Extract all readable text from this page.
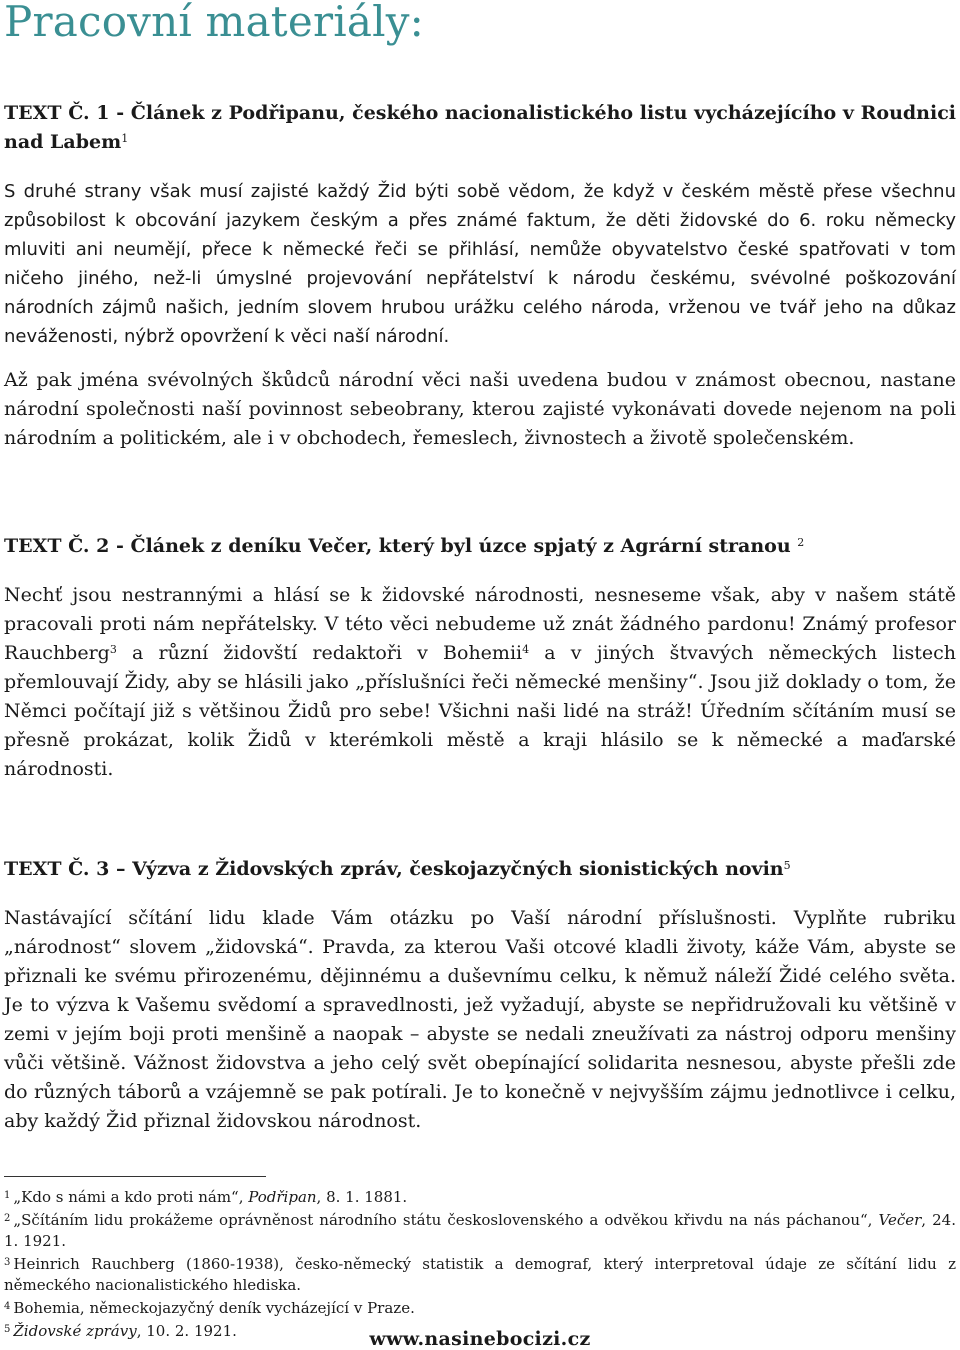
Pracovní materiály:

TEXT Č. 1 - Článek z Podřipanu, českého nacionalistického listu vycházejícího v Roudnici nad Labem$^1$

S druhé strany však musí zajisté každý Žid býti sobě vědom, že když v českém městě přese všechnu způsobilost k obcování jazykem českým a přes známé faktum, že děti židovské do 6. roku německy mluviti ani neumějí, přece k německé řeči se přihlásí, nemůže obyvatelstvo české spatřovati v tom ničeho jiného, než-li úmyslné projevování nepřátelství k národu českému, svévolné poškozování národních zájmů našich, jedním slovem hrubou urážku celého národa, vrženou ve tvář jeho na důkaz neváženosti, nýbrž opovržení k věci naší národní.

Až pak jména svévolných škůdců národní věci naši uvedena budou v známost obecnou, nastane národní společnosti naší povinnost sebeobrany, kterou zajisté vykonávati dovede nejenom na poli národním a politickém, ale i v obchodech, řemeslech, živnostech a životě společenském.

TEXT Č. 2 - Článek z deníku Večer, který byl úzce spjatý z Agrární stranou $^2$

Nechť jsou nestrannými a hlásí se k židovské národnosti, nesneseme však, aby v našem státě pracovali proti nám nepřátelsky. V této věci nebudeme už znát žádného pardonu! Známý profesor Rauchberg$^3$ a různí židovští redaktoři v Bohemii$^4$ a v jiných štvavých německých listech přemlouvají Židy, aby se hlásili jako „příslušníci řeči německé menšiny“. Jsou již doklady o tom, že Němci počítají již s většinou Židů pro sebe! Všichni naši lidé na stráž! Úředním sčítáním musí se přesně prokázat, kolik Židů v kterémkoli městě a kraji hlásilo se k německé a maďarské národnosti.

TEXT Č. 3 – Výzva z Židovských zpráv, českojazyčných sionistických novin$^5$

Nastávající sčítání lidu klade Vám otázku po Vaší národní příslušnosti. Vyplňte rubriku „národnost“ slovem „židovská“. Pravda, za kterou Vaši otcové kladli životy, káže Vám, abyste se přiznali ke svému přirozenému, dějinnému a duševnímu celku, k němuž náleží Židé celého světa. Je to výzva k Vašemu svědomí a spravedlnosti, jež vyžadují, abyste se nepřidružovali ku většině v zemi v jejím boji proti menšině a naopak – abyste se nedali zneužívati za nástroj odporu menšiny vůči většině. Vážnost židovstva a jeho celý svět obepínající solidarita nesnesou, abyste přešli zde do různých táborů a vzájemně se pak potírali. Je to konečně v nejvyšším zájmu jednotlivce i celku, aby každý Žid přiznal židovskou národnost.

$^1$ „Kdo s námi a kdo proti nám“, Podřipan, 8. 1. 1881.

$^2$ „Sčítáním lidu prokážeme oprávněnost národního státu československého a odvěkou křivdu na nás páchanou“, Večer, 24. 1. 1921.

$^3$ Heinrich Rauchberg (1860-1938), česko-německý statistik a demograf, který interpretoval údaje ze sčítání lidu z německého nacionalistického hlediska.

$^4$ Bohemia, německojazyčný deník vycházející v Praze.

$^5$ Židovské zprávy, 10. 2. 1921.	www.nasinebocizi.cz
